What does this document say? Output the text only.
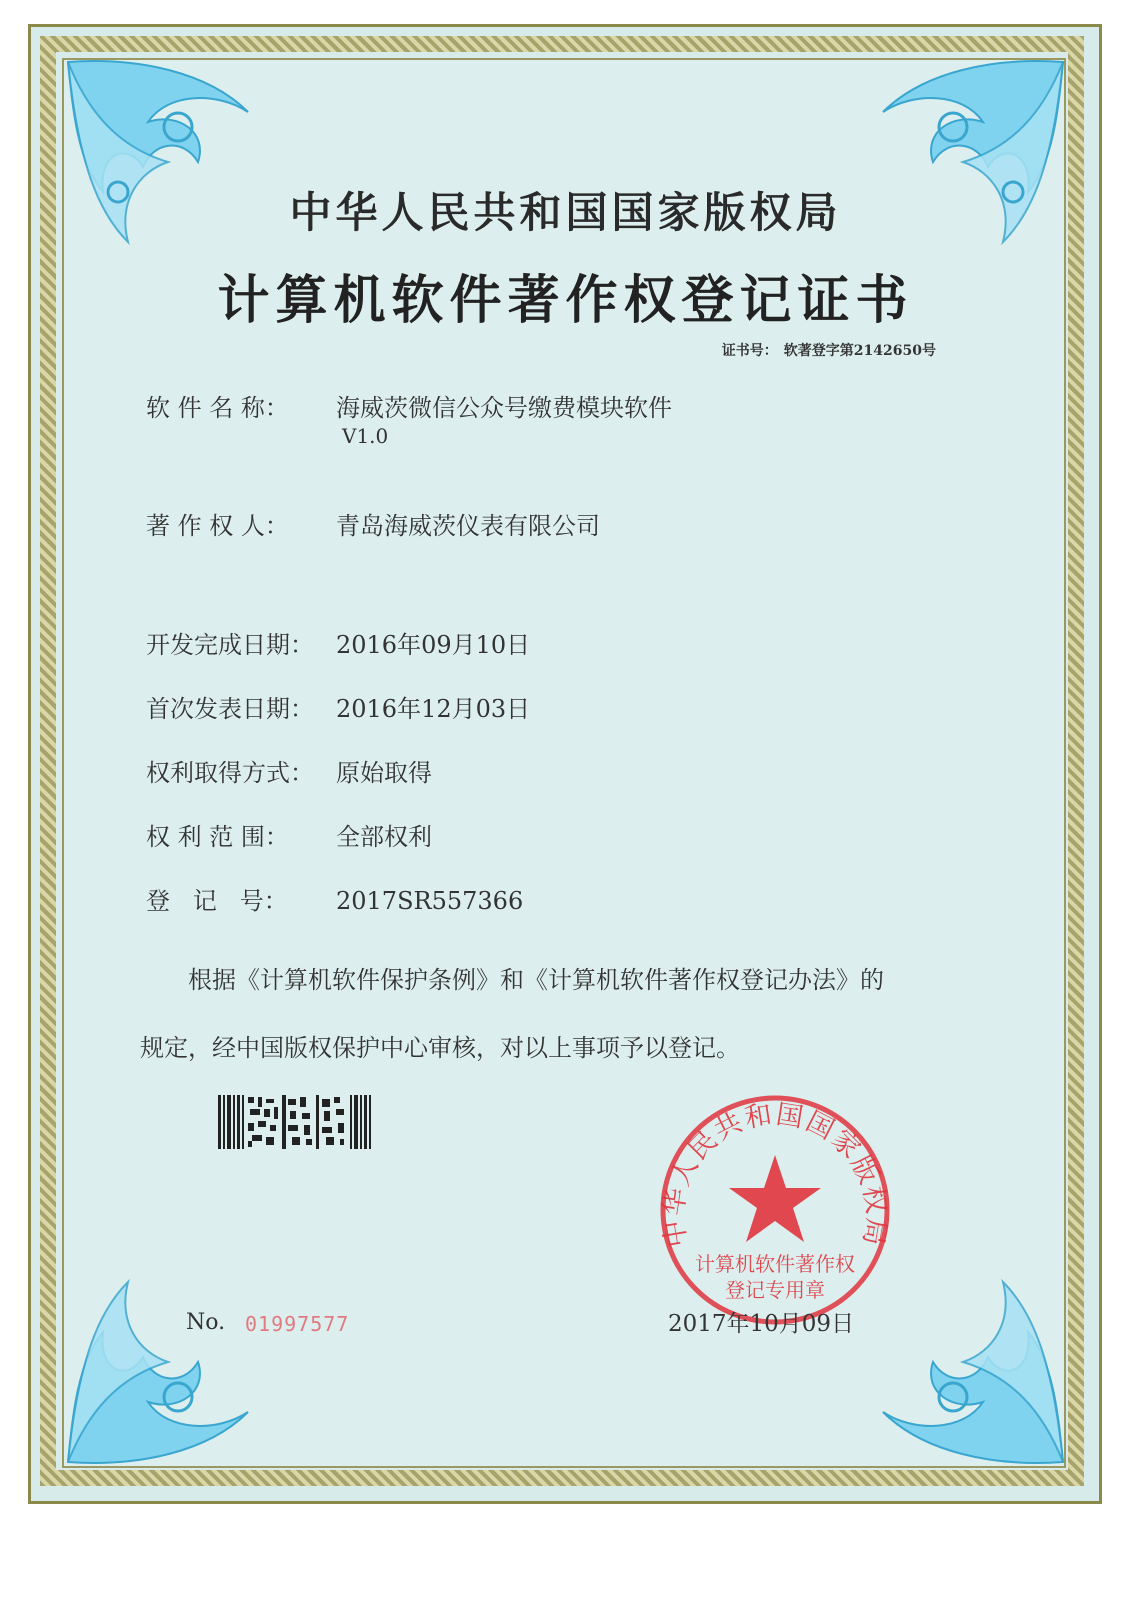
中华人民共和国国家版权局
计算机软件著作权登记证书
证书号： 软著登字第2142650号
软 件 名 称： 海威茨微信公众号缴费模块软件
V1.0
著 作 权 人： 青岛海威茨仪表有限公司
开发完成日期： 2016年09月10日
首次发表日期： 2016年12月03日
权利取得方式： 原始取得
权 利 范 围： 全部权利
登   记   号： 2017SR557366
根据《计算机软件保护条例》和《计算机软件著作权登记办法》的
规定，经中国版权保护中心审核，对以上事项予以登记。
No. 01997577
中华人民共和国国家版权局
计算机软件著作权
登记专用章
2017年10月09日
